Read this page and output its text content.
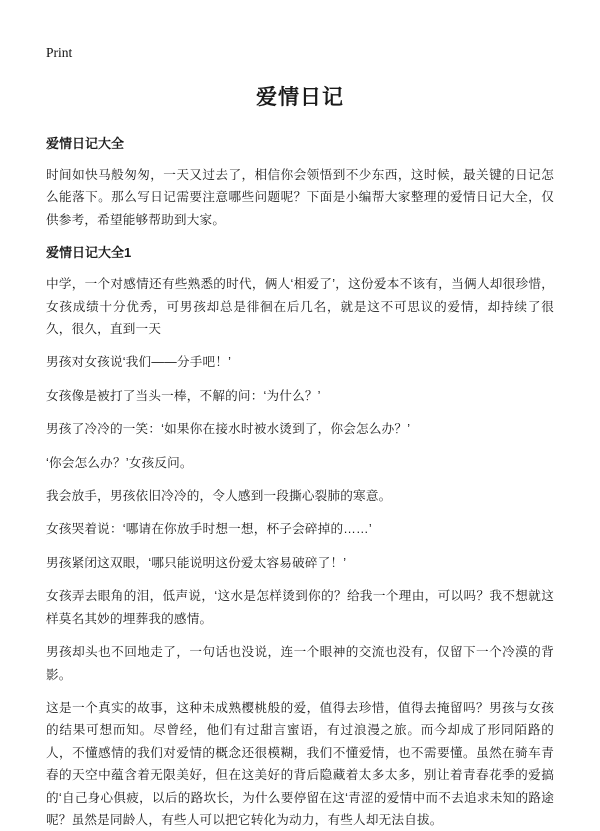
Print
爱情日记
爱情日记大全

时间如快马般匆匆，一天又过去了，相信你会领悟到不少东西，这时候，最关键的日记怎么能落下。那么写日记需要注意哪些问题呢？下面是小编帮大家整理的爱情日记大全，仅供参考，希望能够帮助到大家。

爱情日记大全1

中学，一个对感情还有些熟悉的时代，俩人‘相爱了’，这份爱本不该有，当俩人却很珍惜，女孩成绩十分优秀，可男孩却总是徘徊在后几名，就是这不可思议的爱情，却持续了很久，很久，直到一天

男孩对女孩说‘我们——分手吧！’

女孩像是被打了当头一棒，不解的问：‘为什么？’

男孩了冷冷的一笑：‘如果你在接水时被水烫到了，你会怎么办？’

‘你会怎么办？’女孩反问。

我会放手，男孩依旧冷冷的，令人感到一段撕心裂肺的寒意。

女孩哭着说：‘哪请在你放手时想一想，杯子会碎掉的……’

男孩紧闭这双眼，‘哪只能说明这份爱太容易破碎了！’

女孩弄去眼角的泪，低声说，‘这水是怎样烫到你的？给我一个理由，可以吗？我不想就这样莫名其妙的埋葬我的感情。

男孩却头也不回地走了，一句话也没说，连一个眼神的交流也没有，仅留下一个冷漠的背影。

这是一个真实的故事，这种未成熟樱桃般的爱，值得去珍惜，值得去掩留吗？男孩与女孩的结果可想而知。尽曾经，他们有过甜言蜜语，有过浪漫之旅。而今却成了形同陌路的人，不懂感情的我们对爱情的概念还很模糊，我们不懂爱情，也不需要懂。虽然在骑车青春的天空中蕴含着无限美好，但在这美好的背后隐藏着太多太多，别让着青春花季的爱搞的‘自己身心俱疲，以后的路坎长，为什么要停留在这‘青涩的爱情中而不去追求未知的路途呢？虽然是同龄人，有些人可以把它转化为动力，有些人却无法自拔。
